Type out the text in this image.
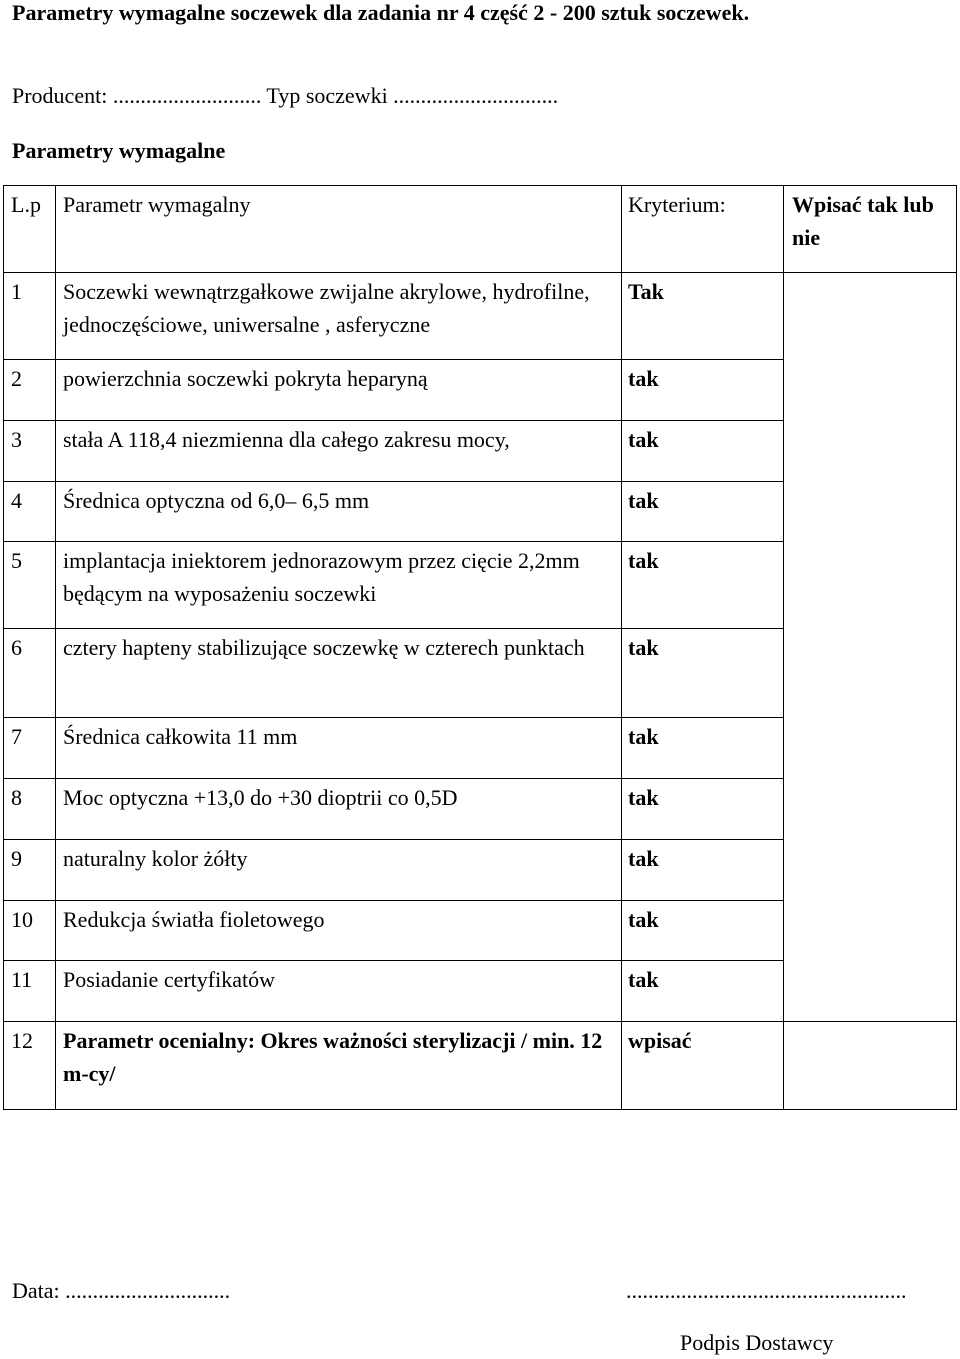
Parametry wymagalne soczewek dla zadania nr 4 część 2 - 200 sztuk soczewek.
Producent: ........................... Typ soczewki ..............................
Parametry wymagalne
L.p	Parametr wymagalny	Kryterium:	Wpisać tak lub nie

1	Soczewki wewnątrzgałkowe zwijalne akrylowe, hydrofilne, jednoczęściowe, uniwersalne , asferyczne	Tak	

2	powierzchnia soczewki pokryta heparyną	tak	

3	stała A 118,4 niezmienna dla całego zakresu mocy,	tak	

4	Średnica optyczna od 6,0– 6,5 mm	tak	

5	implantacja iniektorem jednorazowym przez cięcie 2,2mm będącym na wyposażeniu soczewki	tak	

6	cztery hapteny stabilizujące soczewkę w czterech punktach	tak	

7	Średnica całkowita 11 mm	tak	

8	Moc optyczna +13,0 do +30 dioptrii co 0,5D	tak	

9	naturalny kolor żółty	tak	

10	Redukcja światła fioletowego	tak	

11	Posiadanie certyfikatów	tak	

12	Parametr ocenialny: Okres ważności sterylizacji / min. 12 m-cy/	wpisać	

Data: ..............................	...................................................
Podpis Dostawcy
